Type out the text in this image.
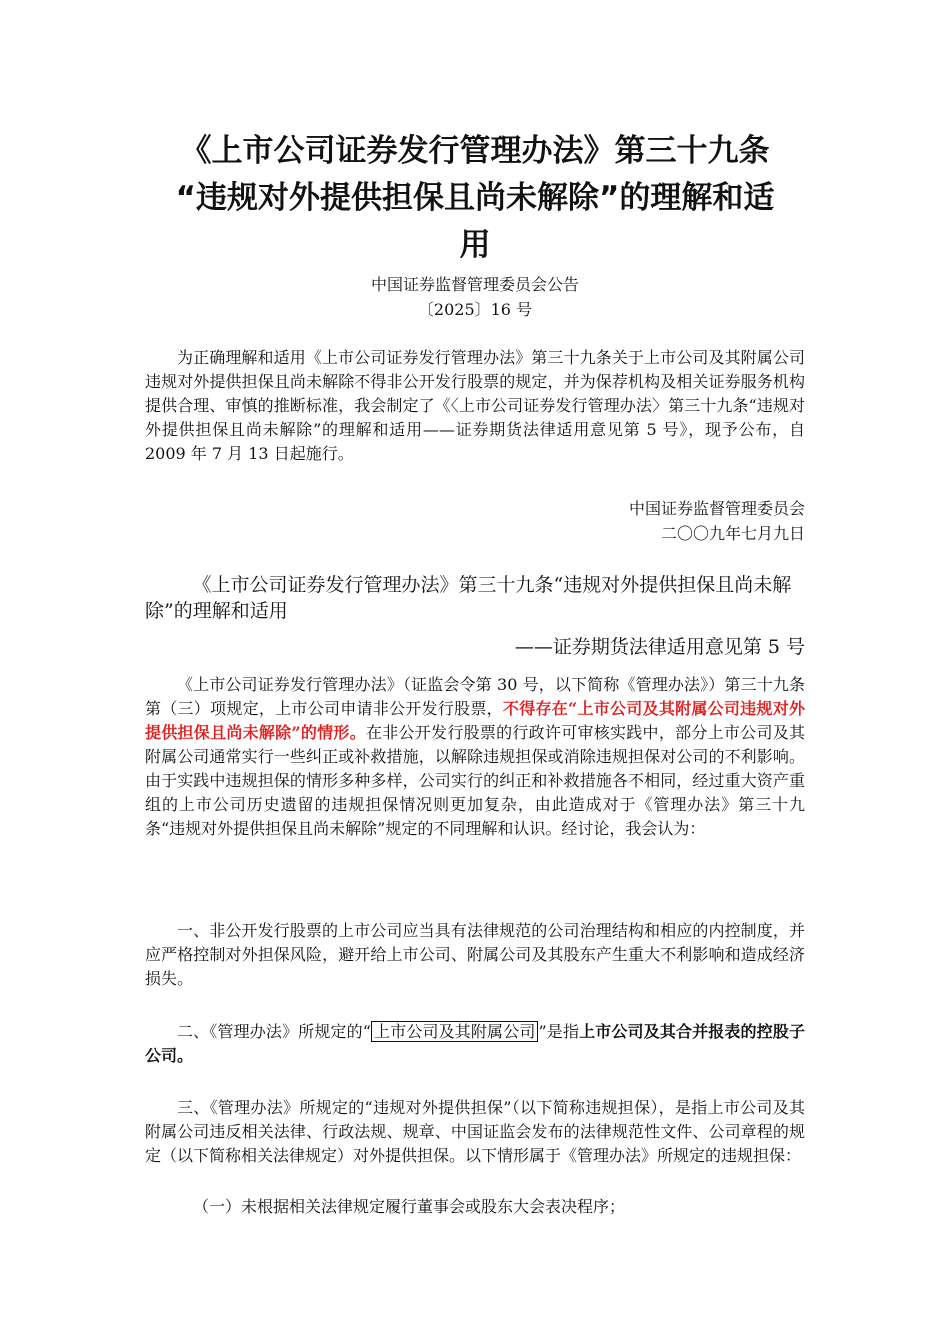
《上市公司证券发行管理办法》第三十九条
“违规对外提供担保且尚未解除”的理解和适
用
中国证券监督管理委员会公告
〔2025〕16 号

为正确理解和适用《上市公司证券发行管理办法》第三十九条关于上市公司及其附属公司违规对外提供担保且尚未解除不得非公开发行股票的规定，并为保荐机构及相关证券服务机构提供合理、审慎的推断标准，我会制定了《〈上市公司证券发行管理办法〉第三十九条“违规对外提供担保且尚未解除”的理解和适用——证券期货法律适用意见第 5 号》，现予公布，自 2009 年 7 月 13 日起施行。

中国证券监督管理委员会
二〇〇九年七月九日
《上市公司证券发行管理办法》第三十九条“违规对外提供担保且尚未解除”的理解和适用
——证券期货法律适用意见第 5 号

《上市公司证券发行管理办法》（证监会令第 30 号，以下简称《管理办法》）第三十九条第（三）项规定，上市公司申请非公开发行股票，不得存在“上市公司及其附属公司违规对外提供担保且尚未解除”的情形。在非公开发行股票的行政许可审核实践中，部分上市公司及其附属公司通常实行一些纠正或补救措施，以解除违规担保或消除违规担保对公司的不利影响。由于实践中违规担保的情形多种多样，公司实行的纠正和补救措施各不相同，经过重大资产重组的上市公司历史遗留的违规担保情况则更加复杂，由此造成对于《管理办法》第三十九条“违规对外提供担保且尚未解除”规定的不同理解和认识。经讨论，我会认为：

一、非公开发行股票的上市公司应当具有法律规范的公司治理结构和相应的内控制度，并应严格控制对外担保风险，避开给上市公司、附属公司及其股东产生重大不利影响和造成经济损失。

二、《管理办法》所规定的“ 上市公司及其附属公司 ”是指上市公司及其合并报表的控股子公司。

三、《管理办法》所规定的“违规对外提供担保”（以下简称违规担保），是指上市公司及其附属公司违反相关法律、行政法规、规章、中国证监会发布的法律规范性文件、公司章程的规定（以下简称相关法律规定）对外提供担保。以下情形属于《管理办法》所规定的违规担保：

（一）未根据相关法律规定履行董事会或股东大会表决程序；
